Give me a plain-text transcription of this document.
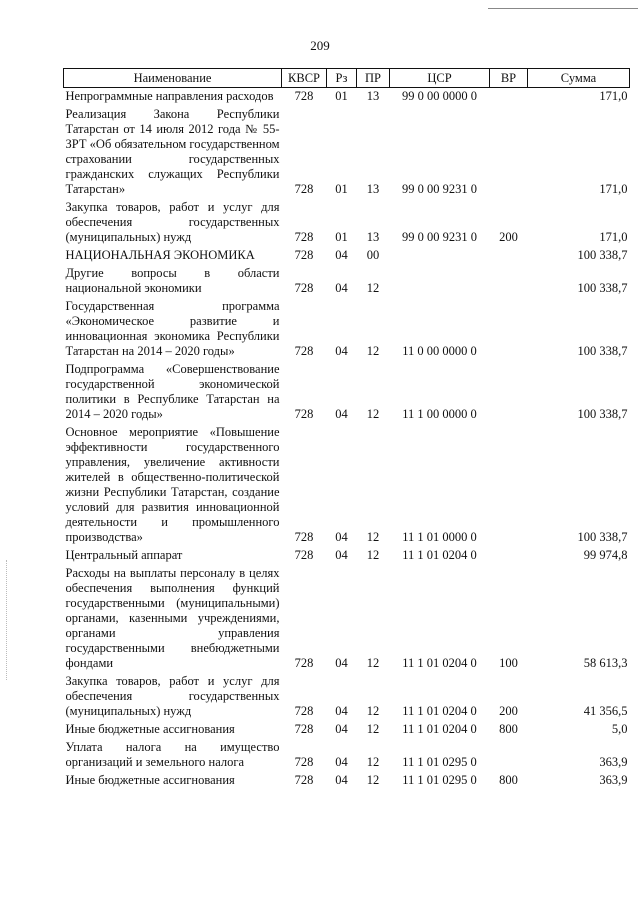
209
Наименование	КВСР	Рз	ПР	ЦСР	ВР	Сумма
Непрограммные направления расходов	728	01	13	99 0 00 0000 0		171,0
Реализация Закона Республики Татарстан от 14 июля 2012 года № 55-ЗРТ «Об обязательном государственном страховании государственных гражданских служащих Республики Татарстан»	728	01	13	99 0 00 9231 0		171,0
Закупка товаров, работ и услуг для обеспечения государственных (муниципальных) нужд	728	01	13	99 0 00 9231 0	200	171,0
НАЦИОНАЛЬНАЯ ЭКОНОМИКА	728	04	00			100 338,7
Другие вопросы в области национальной экономики	728	04	12			100 338,7
Государственная программа «Экономическое развитие и инновационная экономика Республики Татарстан на 2014 – 2020 годы»	728	04	12	11 0 00 0000 0		100 338,7
Подпрограмма «Совершенствование государственной экономической политики в Республике Татарстан на 2014 – 2020 годы»	728	04	12	11 1 00 0000 0		100 338,7
Основное мероприятие «Повышение эффективности государственного управления, увеличение активности жителей в общественно-политической жизни Республики Татарстан, создание условий для развития инновационной деятельности и промышленного производства»	728	04	12	11 1 01 0000 0		100 338,7
Центральный аппарат	728	04	12	11 1 01 0204 0		99 974,8
Расходы на выплаты персоналу в целях обеспечения выполнения функций государственными (муниципальными) органами, казенными учреждениями, органами управления государственными внебюджетными фондами	728	04	12	11 1 01 0204 0	100	58 613,3
Закупка товаров, работ и услуг для обеспечения государственных (муниципальных) нужд	728	04	12	11 1 01 0204 0	200	41 356,5
Иные бюджетные ассигнования	728	04	12	11 1 01 0204 0	800	5,0
Уплата налога на имущество организаций и земельного налога	728	04	12	11 1 01 0295 0		363,9
Иные бюджетные ассигнования	728	04	12	11 1 01 0295 0	800	363,9
